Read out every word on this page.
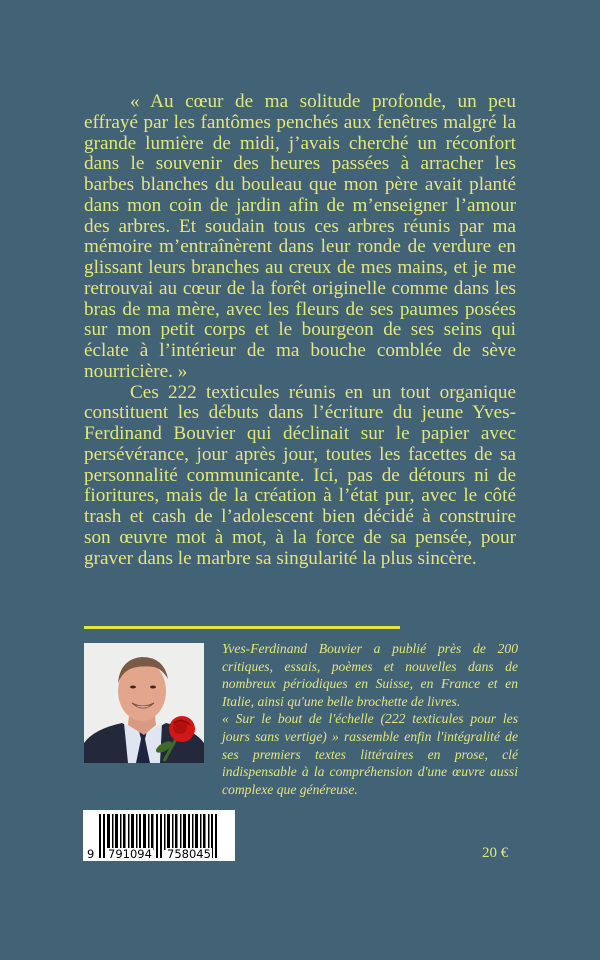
« Au cœur de ma solitude profonde, un peu effrayé par les fantômes penchés aux fenêtres malgré la grande lumière de midi, j’avais cherché un réconfort dans le souvenir des heures passées à arracher les barbes blanches du bouleau que mon père avait planté dans mon coin de jardin afin de m’enseigner l’amour des arbres. Et soudain tous ces arbres réunis par ma mémoire m’entraînèrent dans leur ronde de verdure en glissant leurs branches au creux de mes mains, et je me retrouvai au cœur de la forêt originelle comme dans les bras de ma mère, avec les fleurs de ses paumes posées sur mon petit corps et le bourgeon de ses seins qui éclate à l’intérieur de ma bouche comblée de sève nourricière. »

Ces 222 texticules réunis en un tout organique constituent les débuts dans l’écriture du jeune Yves-Ferdinand Bouvier qui déclinait sur le papier avec persévérance, jour après jour, toutes les facettes de sa personnalité communicante. Ici, pas de détours ni de fioritures, mais de la création à l’état pur, avec le côté trash et cash de l’adolescent bien décidé à construire son œuvre mot à mot, à la force de sa pensée, pour graver dans le marbre sa singularité la plus sincère.

Yves-Ferdinand Bouvier a publié près de 200 critiques, essais, poèmes et nouvelles dans de nombreux périodiques en Suisse, en France et en Italie, ainsi qu'une belle brochette de livres.

« Sur le bout de l'échelle (222 texticules pour les jours sans vertige) » rassemble enfin l'intégralité de ses premiers textes littéraires en prose, clé indispensable à la compréhension d'une œuvre aussi complexe que généreuse.

9 791094 758045	20 €
